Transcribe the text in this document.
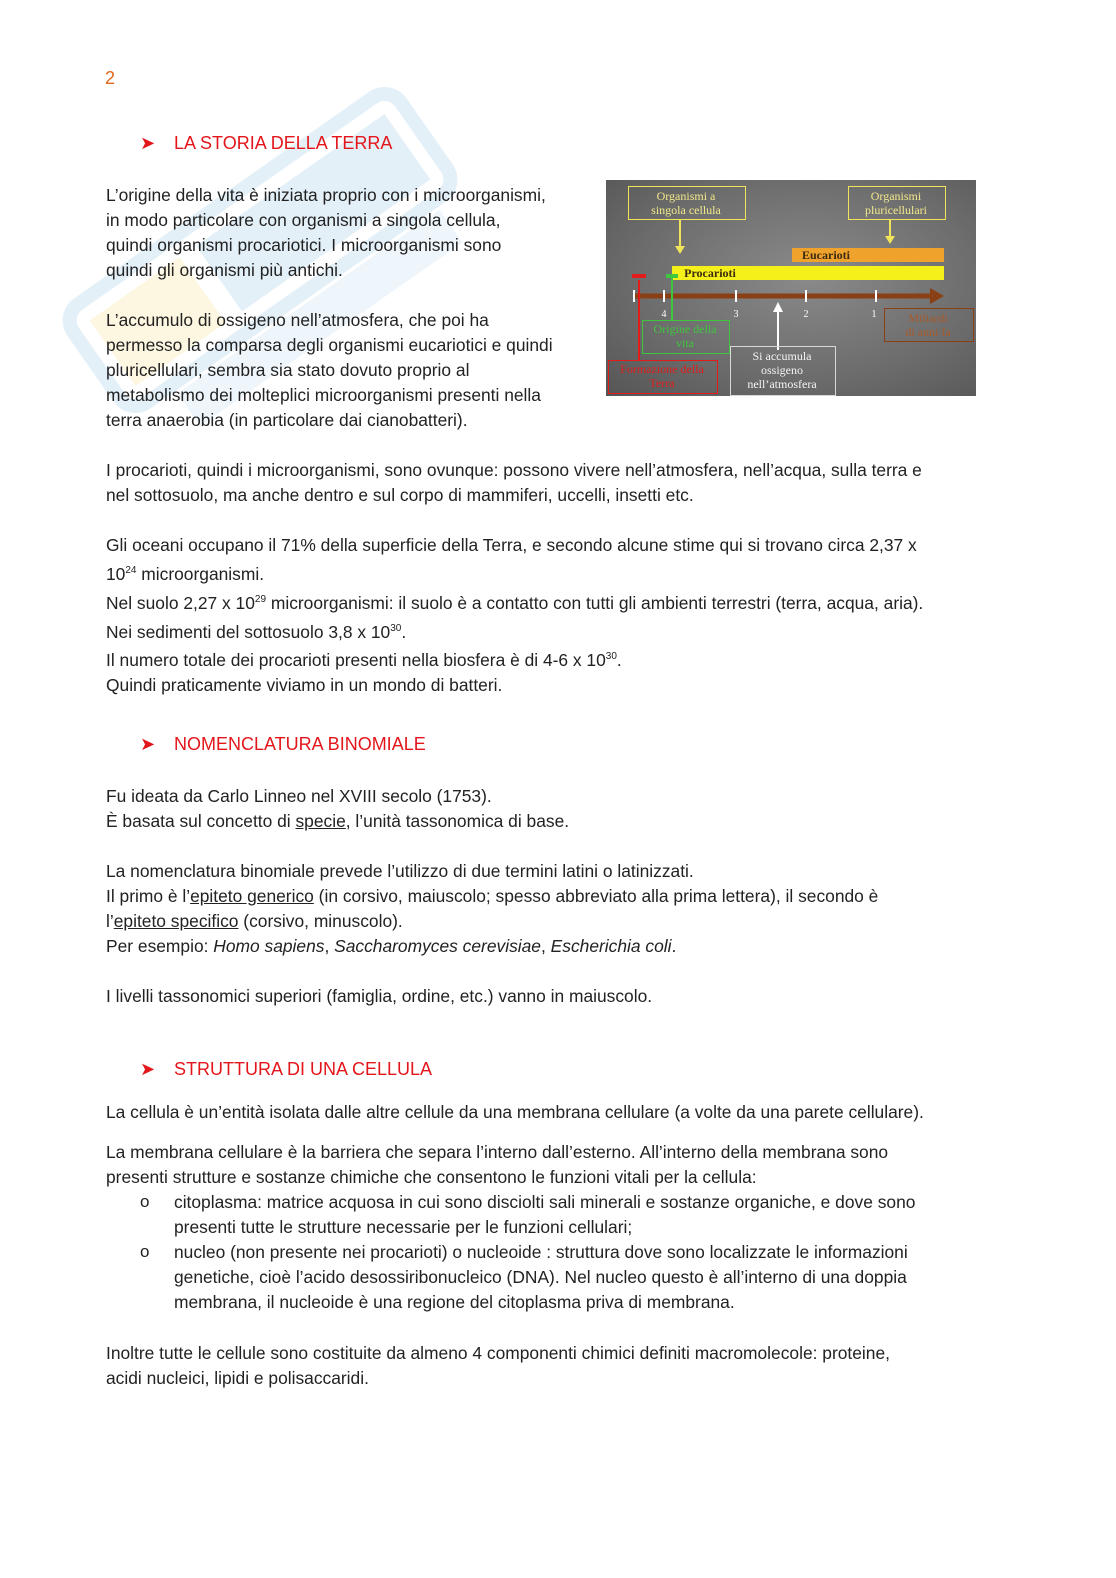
2
➤ LA STORIA DELLA TERRA
L’origine della vita è iniziata proprio con i microorganismi,
in modo particolare con organismi a singola cellula,
quindi organismi procariotici. I microorganismi sono
quindi gli organismi più antichi.
L’accumulo di ossigeno nell’atmosfera, che poi ha
permesso la comparsa degli organismi eucariotici e quindi
pluricellulari, sembra sia stato dovuto proprio al
metabolismo dei molteplici microorganismi presenti nella
terra anaerobia (in particolare dai cianobatteri).
Organismi a
singola cellula
Organismi
pluricellulari
Eucarioti
Procarioti
4	3	2	1	Miliardi
di anni fa
Origine della
vita
Si accumula
ossigeno
nell’atmosfera
Formazione della
Terra
I procarioti, quindi i microorganismi, sono ovunque: possono vivere nell’atmosfera, nell’acqua, sulla terra e
nel sottosuolo, ma anche dentro e sul corpo di mammiferi, uccelli, insetti etc.
Gli oceani occupano il 71% della superficie della Terra, e secondo alcune stime qui si trovano circa 2,37 x
$10^{24}$ microorganismi.
Nel suolo 2,27 x $10^{29}$ microorganismi: il suolo è a contatto con tutti gli ambienti terrestri (terra, acqua, aria).
Nei sedimenti del sottosuolo 3,8 x $10^{30}$.
Il numero totale dei procarioti presenti nella biosfera è di 4-6 x $10^{30}$.
Quindi praticamente viviamo in un mondo di batteri.
➤ NOMENCLATURA BINOMIALE
Fu ideata da Carlo Linneo nel XVIII secolo (1753).
È basata sul concetto di specie, l’unità tassonomica di base.
La nomenclatura binomiale prevede l’utilizzo di due termini latini o latinizzati.
Il primo è l’epiteto generico (in corsivo, maiuscolo; spesso abbreviato alla prima lettera), il secondo è
l’epiteto specifico (corsivo, minuscolo).
Per esempio: Homo sapiens, Saccharomyces cerevisiae, Escherichia coli.
I livelli tassonomici superiori (famiglia, ordine, etc.) vanno in maiuscolo.
➤ STRUTTURA DI UNA CELLULA
La cellula è un’entità isolata dalle altre cellule da una membrana cellulare (a volte da una parete cellulare).
La membrana cellulare è la barriera che separa l’interno dall’esterno. All’interno della membrana sono
presenti strutture e sostanze chimiche che consentono le funzioni vitali per la cellula:
o citoplasma: matrice acquosa in cui sono disciolti sali minerali e sostanze organiche, e dove sono
presenti tutte le strutture necessarie per le funzioni cellulari;
o nucleo (non presente nei procarioti) o nucleoide : struttura dove sono localizzate le informazioni
genetiche, cioè l’acido desossiribonucleico (DNA). Nel nucleo questo è all’interno di una doppia
membrana, il nucleoide è una regione del citoplasma priva di membrana.
Inoltre tutte le cellule sono costituite da almeno 4 componenti chimici definiti macromolecole: proteine,
acidi nucleici, lipidi e polisaccaridi.
